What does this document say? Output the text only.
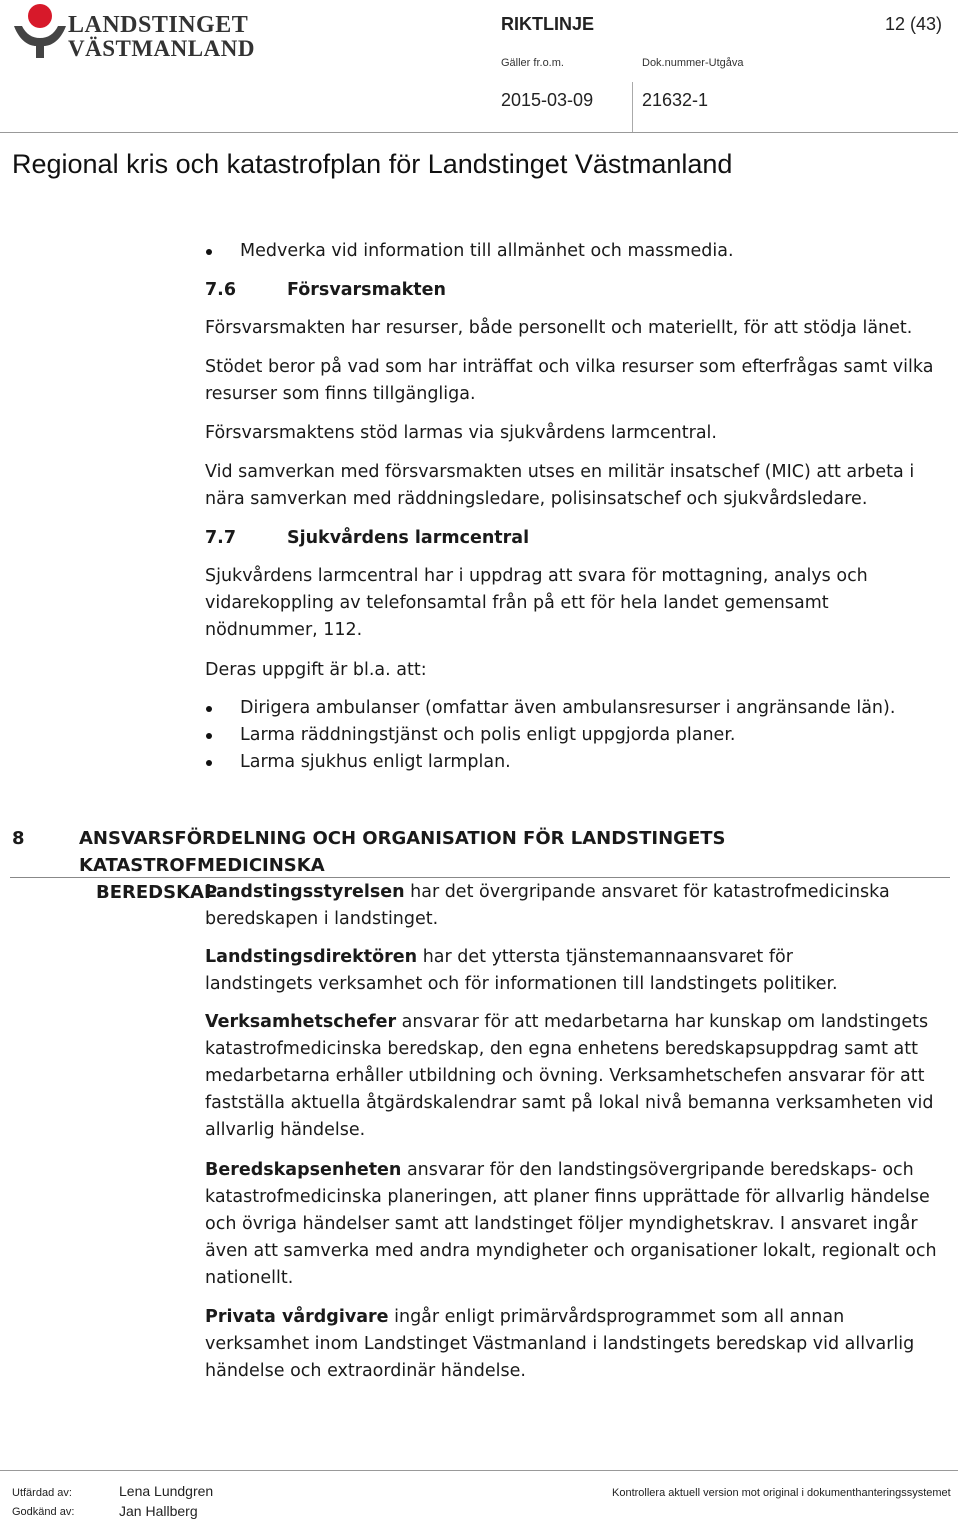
LANDSTINGET
VÄSTMANLAND
RIKTLINJE	12 (43)
Gäller fr.o.m.	Dok.nummer-Utgåva
2015-03-09	21632-1
Regional kris och katastrofplan för Landstinget Västmanland
Medverka vid information till allmänhet och massmedia.
7.6	Försvarsmakten
Försvarsmakten har resurser, både personellt och materiellt, för att stödja länet.
Stödet beror på vad som har inträffat och vilka resurser som efterfrågas samt vilka resurser som finns tillgängliga.
Försvarsmaktens stöd larmas via sjukvårdens larmcentral.
Vid samverkan med försvarsmakten utses en militär insatschef (MIC) att arbeta i nära samverkan med räddningsledare, polisinsatschef och sjukvårdsledare.
7.7	Sjukvårdens larmcentral
Sjukvårdens larmcentral har i uppdrag att svara för mottagning, analys och vidarekoppling av telefonsamtal från på ett för hela landet gemensamt nödnummer, 112.
Deras uppgift är bl.a. att:
Dirigera ambulanser (omfattar även ambulansresurser i angränsande län).
Larma räddningstjänst och polis enligt uppgjorda planer.
Larma sjukhus enligt larmplan.
8	ANSVARSFÖRDELNING OCH ORGANISATION FÖR LANDSTINGETS KATASTROFMEDICINSKA
BEREDSKAP
Landstingsstyrelsen har det övergripande ansvaret för katastrofmedicinska beredskapen i landstinget.
Landstingsdirektören har det yttersta tjänstemannaansvaret för landstingets verksamhet och för informationen till landstingets politiker.
Verksamhetschefer ansvarar för att medarbetarna har kunskap om landstingets katastrofmedicinska beredskap, den egna enhetens beredskapsuppdrag samt att medarbetarna erhåller utbildning och övning. Verksamhetschefen ansvarar för att fastställa aktuella åtgärdskalendrar samt på lokal nivå bemanna verksamheten vid allvarlig händelse.
Beredskapsenheten ansvarar för den landstingsövergripande beredskaps- och katastrofmedicinska planeringen, att planer finns upprättade för allvarlig händelse och övriga händelser samt att landstinget följer myndighetskrav. I ansvaret ingår även att samverka med andra myndigheter och organisationer lokalt, regionalt och nationellt.
Privata vårdgivare ingår enligt primärvårdsprogrammet som all annan verksamhet inom Landstinget Västmanland i landstingets beredskap vid allvarlig händelse och extraordinär händelse.
Utfärdad av:	Lena Lundgren
Godkänd av:	Jan Hallberg
Kontrollera aktuell version mot original i dokumenthanteringssystemet
